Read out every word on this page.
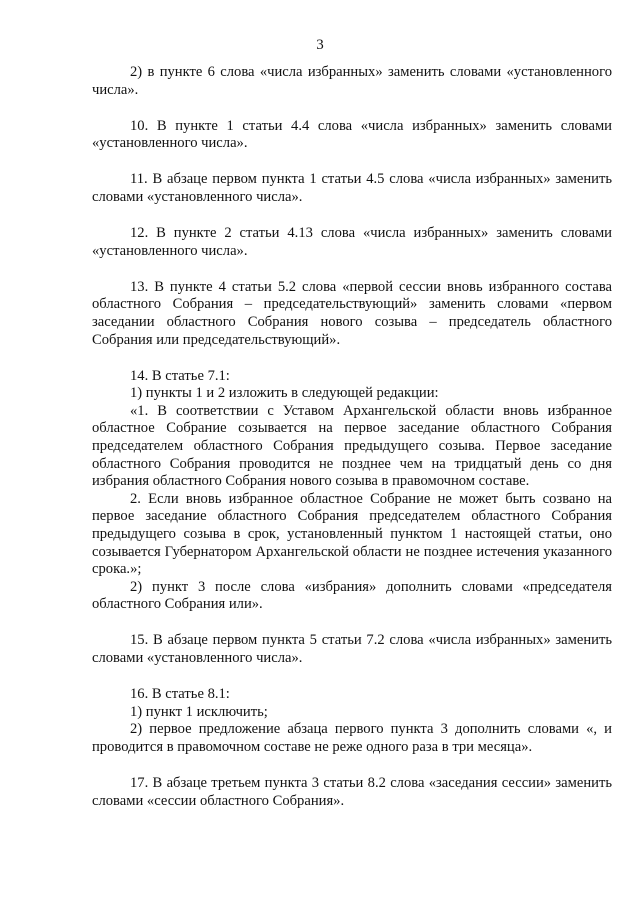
3

2) в пункте 6 слова «числа избранных» заменить словами «установленного числа».

10. В пункте 1 статьи 4.4 слова «числа избранных» заменить словами «установленного числа».

11. В абзаце первом пункта 1 статьи 4.5 слова «числа избранных» заменить словами «установленного числа».

12. В пункте 2 статьи 4.13 слова «числа избранных» заменить словами «установленного числа».

13. В пункте 4 статьи 5.2 слова «первой сессии вновь избранного состава областного Собрания – председательствующий» заменить словами «первом заседании областного Собрания нового созыва – председатель областного Собрания или председательствующий».

14. В статье 7.1:

1) пункты 1 и 2 изложить в следующей редакции:

«1. В соответствии с Уставом Архангельской области вновь избранное областное Собрание созывается на первое заседание областного Собрания председателем областного Собрания предыдущего созыва. Первое заседание областного Собрания проводится не позднее чем на тридцатый день со дня избрания областного Собрания нового созыва в правомочном составе.

2. Если вновь избранное областное Собрание не может быть созвано на первое заседание областного Собрания председателем областного Собрания предыдущего созыва в срок, установленный пунктом 1 настоящей статьи, оно созывается Губернатором Архангельской области не позднее истечения указанного срока.»;

2) пункт 3 после слова «избрания» дополнить словами «председателя областного Собрания или».

15. В абзаце первом пункта 5 статьи 7.2 слова «числа избранных» заменить словами «установленного числа».

16. В статье 8.1:

1) пункт 1 исключить;

2) первое предложение абзаца первого пункта 3 дополнить словами «, и проводится в правомочном составе не реже одного раза в три месяца».

17. В абзаце третьем пункта 3 статьи 8.2 слова «заседания сессии» заменить словами «сессии областного Собрания».
